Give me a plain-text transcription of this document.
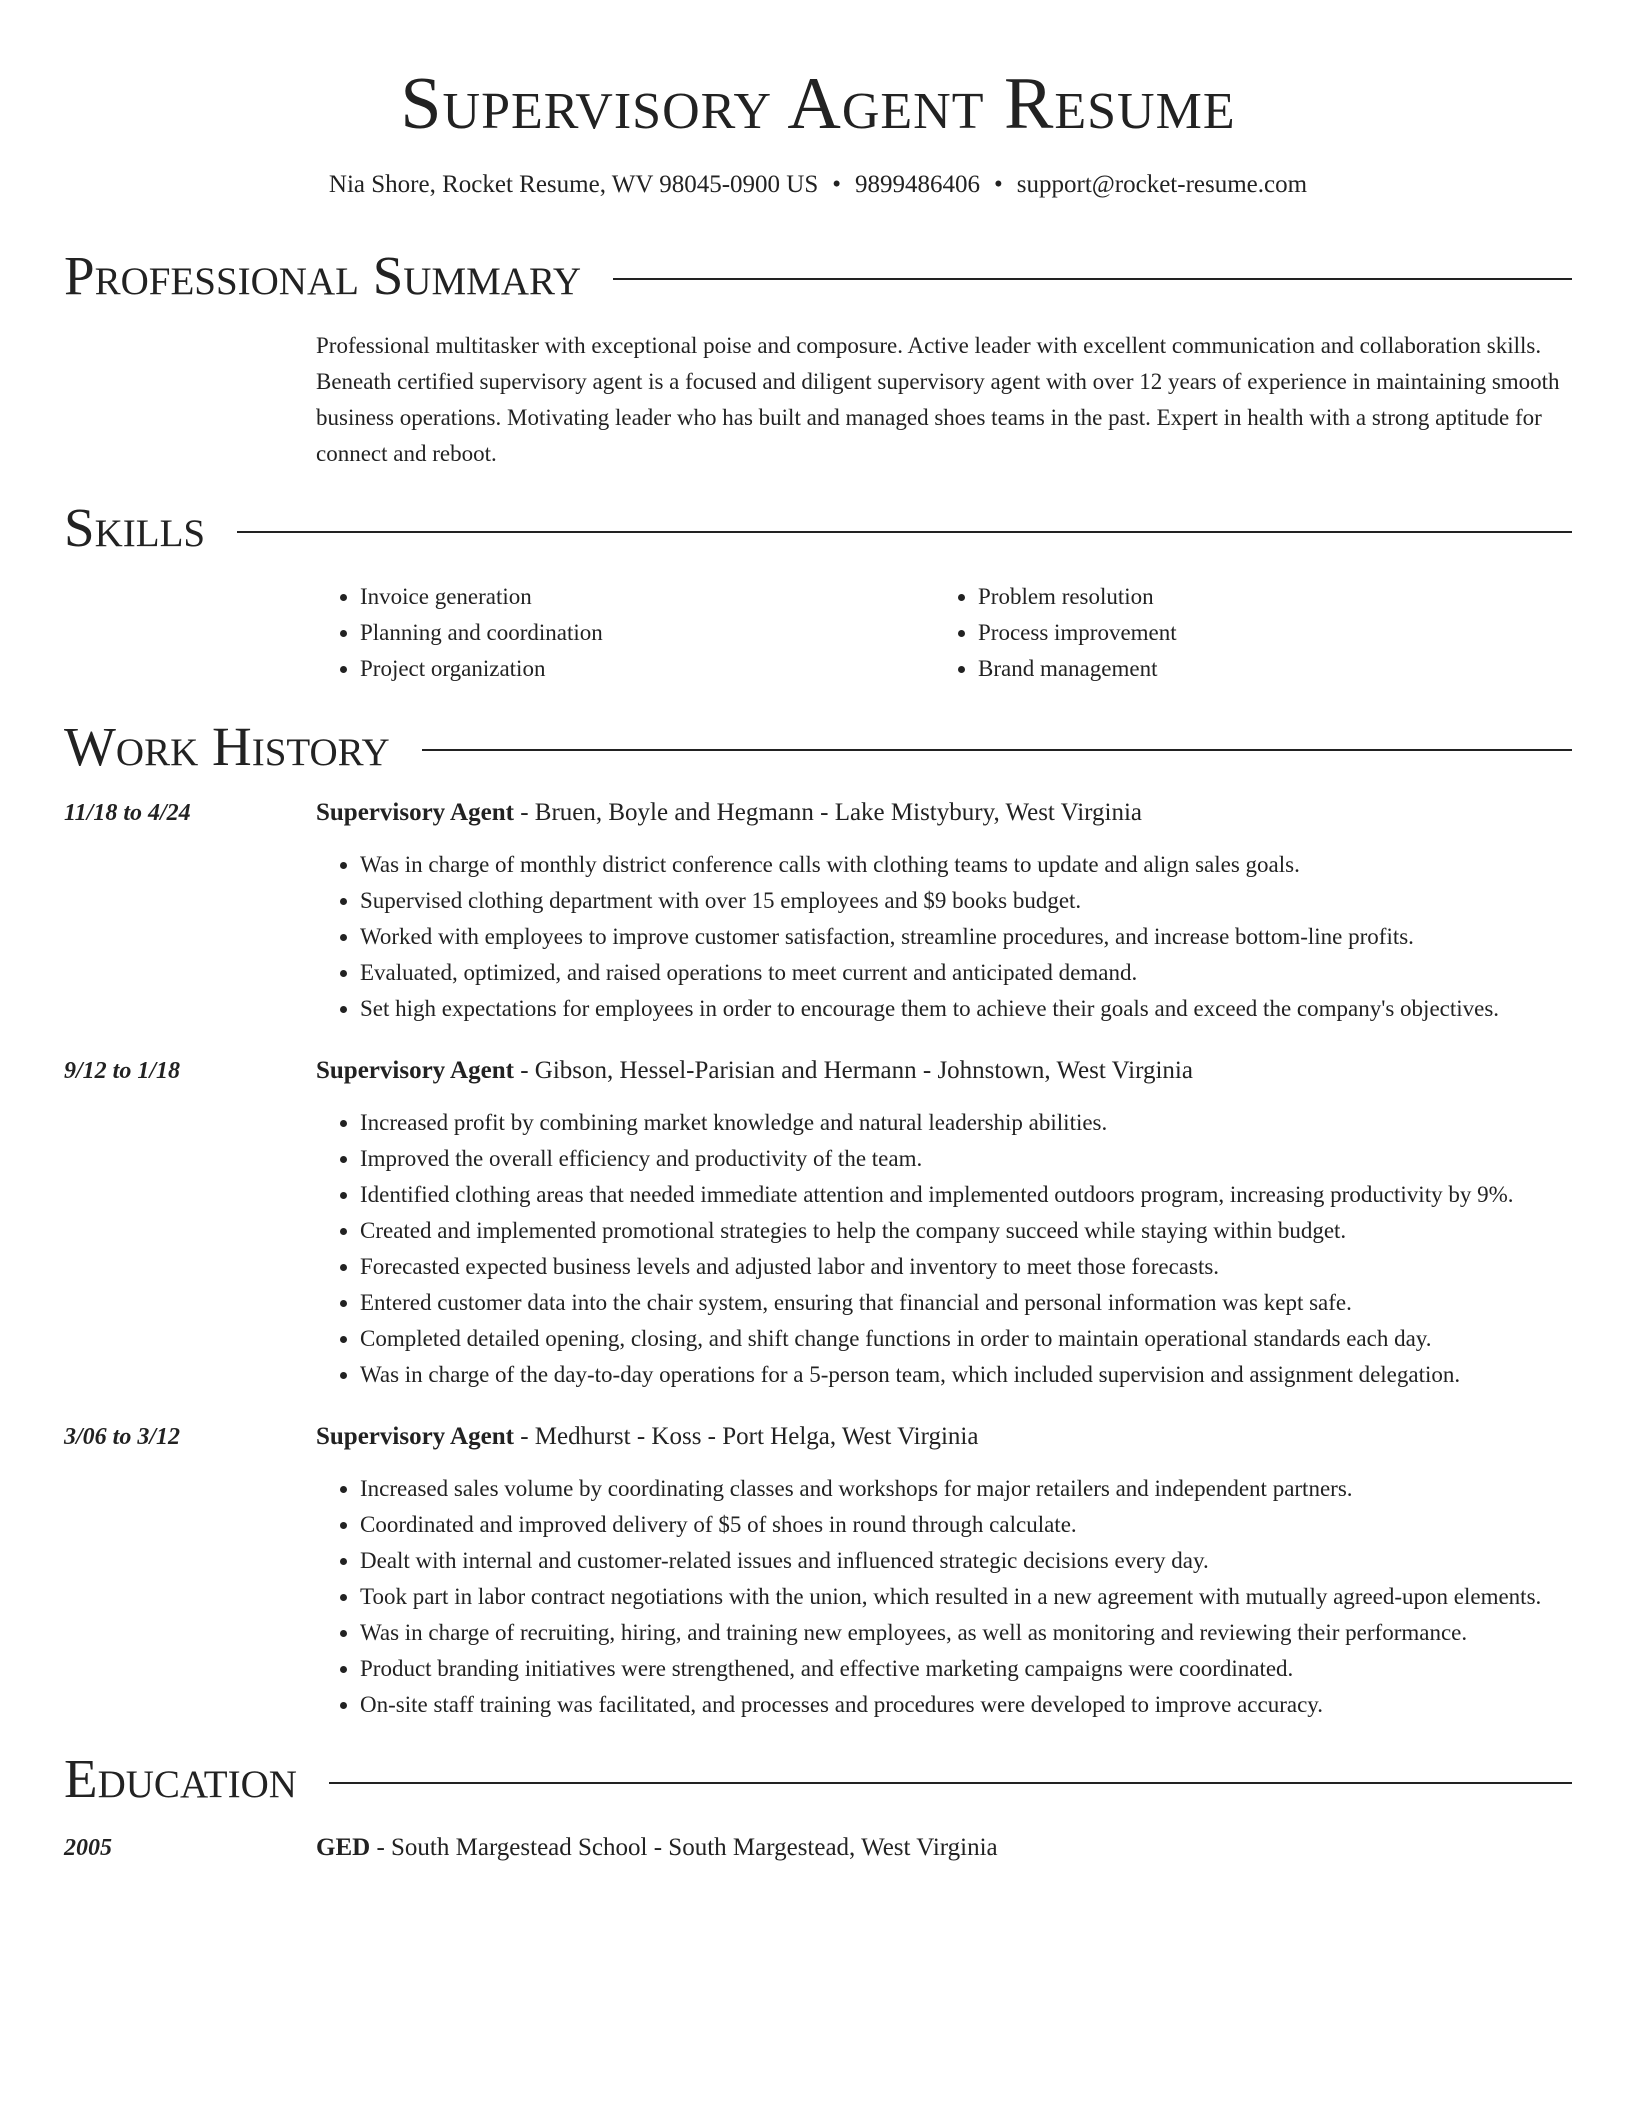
Supervisory Agent Resume
Nia Shore, Rocket Resume, WV 98045-0900 US • 9899486406 • support@rocket-resume.com
Professional Summary
Professional multitasker with exceptional poise and composure. Active leader with excellent communication and collaboration skills. Beneath certified supervisory agent is a focused and diligent supervisory agent with over 12 years of experience in maintaining smooth business operations. Motivating leader who has built and managed shoes teams in the past. Expert in health with a strong aptitude for connect and reboot.
Skills
• Invoice generation
• Planning and coordination
• Project organization
• Problem resolution
• Process improvement
• Brand management
Work History
11/18 to 4/24	Supervisory Agent - Bruen, Boyle and Hegmann - Lake Mistybury, West Virginia
• Was in charge of monthly district conference calls with clothing teams to update and align sales goals.
• Supervised clothing department with over 15 employees and $9 books budget.
• Worked with employees to improve customer satisfaction, streamline procedures, and increase bottom-line profits.
• Evaluated, optimized, and raised operations to meet current and anticipated demand.
• Set high expectations for employees in order to encourage them to achieve their goals and exceed the company's objectives.
9/12 to 1/18	Supervisory Agent - Gibson, Hessel-Parisian and Hermann - Johnstown, West Virginia
• Increased profit by combining market knowledge and natural leadership abilities.
• Improved the overall efficiency and productivity of the team.
• Identified clothing areas that needed immediate attention and implemented outdoors program, increasing productivity by 9%.
• Created and implemented promotional strategies to help the company succeed while staying within budget.
• Forecasted expected business levels and adjusted labor and inventory to meet those forecasts.
• Entered customer data into the chair system, ensuring that financial and personal information was kept safe.
• Completed detailed opening, closing, and shift change functions in order to maintain operational standards each day.
• Was in charge of the day-to-day operations for a 5-person team, which included supervision and assignment delegation.
3/06 to 3/12	Supervisory Agent - Medhurst - Koss - Port Helga, West Virginia
• Increased sales volume by coordinating classes and workshops for major retailers and independent partners.
• Coordinated and improved delivery of $5 of shoes in round through calculate.
• Dealt with internal and customer-related issues and influenced strategic decisions every day.
• Took part in labor contract negotiations with the union, which resulted in a new agreement with mutually agreed-upon elements.
• Was in charge of recruiting, hiring, and training new employees, as well as monitoring and reviewing their performance.
• Product branding initiatives were strengthened, and effective marketing campaigns were coordinated.
• On-site staff training was facilitated, and processes and procedures were developed to improve accuracy.
Education
2005	GED - South Margestead School - South Margestead, West Virginia
